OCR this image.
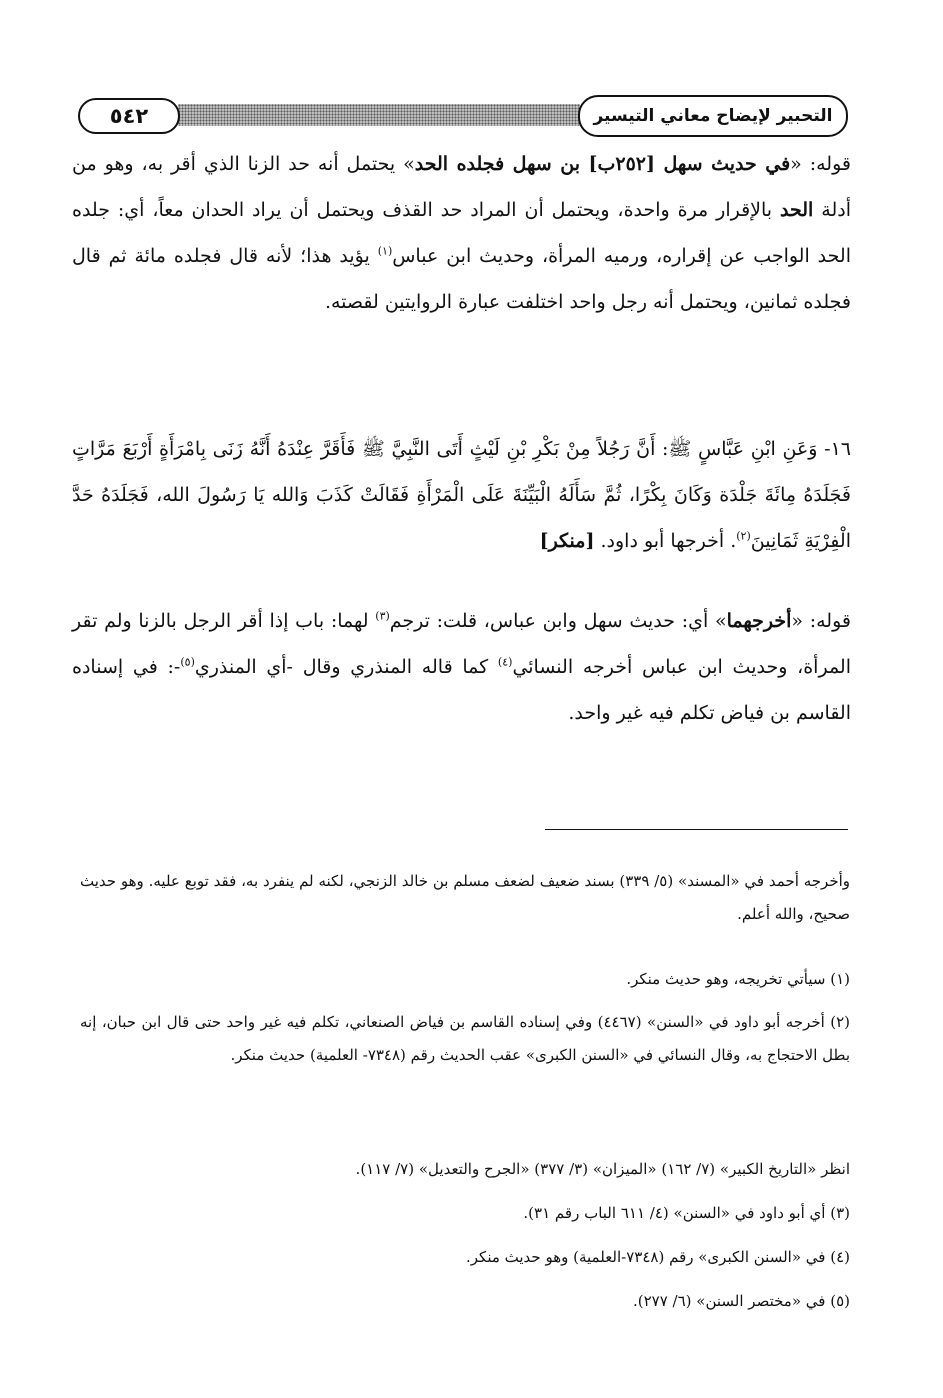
التحبير لإيضاح معاني التيسير
٥٤٢

قوله: «في حديث سهل [٢٥٢ب] بن سهل فجلده الحد» يحتمل أنه حد الزنا الذي أقر به، وهو من أدلة الحد بالإقرار مرة واحدة، ويحتمل أن المراد حد القذف ويحتمل أن يراد الحدان معاً، أي: جلده الحد الواجب عن إقراره، ورميه المرأة، وحديث ابن عباس$^{(١)}$ يؤيد هذا؛ لأنه قال فجلده مائة ثم قال فجلده ثمانين، ويحتمل أنه رجل واحد اختلفت عبارة الروايتين لقصته.

١٦- وَعَنِ ابْنِ عَبَّاسٍ ﷺ: أَنَّ رَجُلاً مِنْ بَكْرِ بْنِ لَيْثٍ أَتَى النَّبِيَّ ﷺ فَأَقَرَّ عِنْدَهُ أَنَّهُ زَنَى بِامْرَأَةٍ أَرْبَعَ مَرَّاتٍ فَجَلَدَهُ مِائَةَ جَلْدَة وَكَانَ بِكْرًا، ثُمَّ سَأَلَهُ الْبَيِّنَةَ عَلَى الْمَرْأَةِ فَقَالَتْ كَذَبَ وَالله يَا رَسُولَ الله، فَجَلَدَهُ حَدَّ الْفِرْيَةِ ثَمَانِينَ$^{(٢)}$. أخرجها أبو داود. [منكر]

قوله: «أخرجهما» أي: حديث سهل وابن عباس، قلت: ترجم$^{(٣)}$ لهما: باب إذا أقر الرجل بالزنا ولم تقر المرأة، وحديث ابن عباس أخرجه النسائي$^{(٤)}$ كما قاله المنذري وقال -أي المنذري$^{(٥)}$-: في إسناده القاسم بن فياض تكلم فيه غير واحد.

وأخرجه أحمد في «المسند» (٥/ ٣٣٩) بسند ضعيف لضعف مسلم بن خالد الزنجي، لكنه لم ينفرد به، فقد توبع عليه. وهو حديث صحيح، والله أعلم.

(١) سيأتي تخريجه، وهو حديث منكر.

(٢) أخرجه أبو داود في «السنن» (٤٤٦٧) وفي إسناده القاسم بن فياض الصنعاني، تكلم فيه غير واحد حتى قال ابن حبان، إنه بطل الاحتجاج به، وقال النسائي في «السنن الكبرى» عقب الحديث رقم (٧٣٤٨- العلمية) حديث منكر.

انظر «التاريخ الكبير» (٧/ ١٦٢) «الميزان» (٣/ ٣٧٧) «الجرح والتعديل» (٧/ ١١٧).

(٣) أي أبو داود في «السنن» (٤/ ٦١١ الباب رقم ٣١).

(٤) في «السنن الكبرى» رقم (٧٣٤٨-العلمية) وهو حديث منكر.

(٥) في «مختصر السنن» (٦/ ٢٧٧).
